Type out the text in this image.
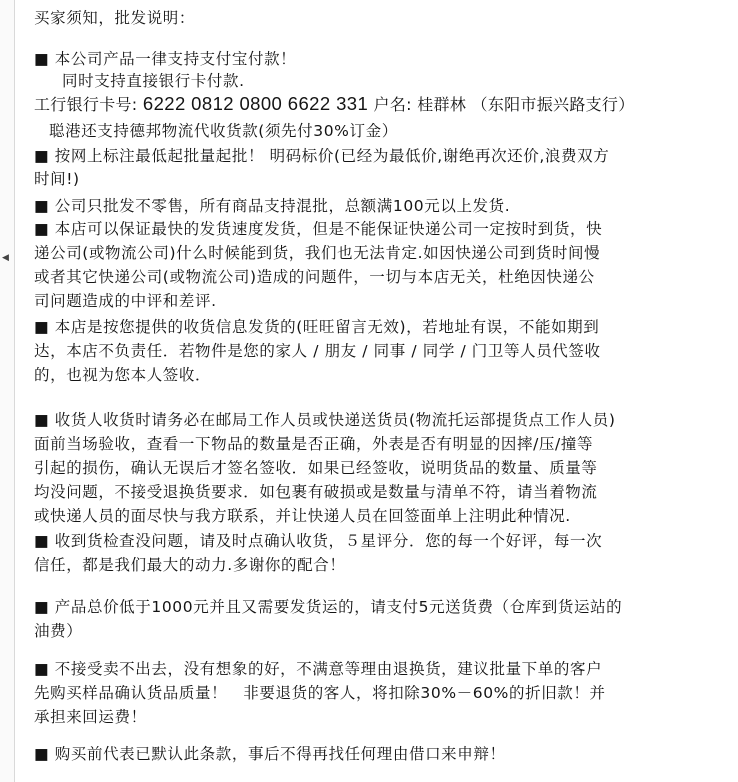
◀
买家须知，批发说明：
■ 本公司产品一律支持支付宝付款！
同时支持直接银行卡付款.
工行银行卡号: 6222 0812 0800 6622 331 户名: 桂群林 （东阳市振兴路支行）
聪港还支持德邦物流代收货款(须先付30%订金）
■ 按网上标注最低起批量起批！ 明码标价(已经为最低价,谢绝再次还价,浪费双方
时间!)
■ 公司只批发不零售，所有商品支持混批，总额满100元以上发货.
■ 本店可以保证最快的发货速度发货，但是不能保证快递公司一定按时到货，快
递公司(或物流公司)什么时候能到货，我们也无法肯定.如因快递公司到货时间慢
或者其它快递公司(或物流公司)造成的问题件，一切与本店无关，杜绝因快递公
司问题造成的中评和差评.
■ 本店是按您提供的收货信息发货的(旺旺留言无效)，若地址有误，不能如期到
达，本店不负责任．若物件是您的家人 / 朋友 / 同事 / 同学 / 门卫等人员代签收
的，也视为您本人签收．
■ 收货人收货时请务必在邮局工作人员或快递送货员(物流托运部提货点工作人员)
面前当场验收，查看一下物品的数量是否正确，外表是否有明显的因摔/压/撞等
引起的损伤，确认无误后才签名签收．如果已经签收，说明货品的数量、质量等
均没问题，不接受退换货要求．如包裹有破损或是数量与清单不符，请当着物流
或快递人员的面尽快与我方联系，并让快递人员在回签面单上注明此种情况.
■ 收到货检查没问题，请及时点确认收货，５星评分．您的每一个好评，每一次
信任，都是我们最大的动力.多谢你的配合！
■ 产品总价低于1000元并且又需要发货运的，请支付5元送货费（仓库到货运站的
油费）
■ 不接受卖不出去，没有想象的好，不满意等理由退换货，建议批量下单的客户
先购买样品确认货品质量！　非要退货的客人，将扣除30%－60%的折旧款！并
承担来回运费！
■ 购买前代表已默认此条款，事后不得再找任何理由借口来申辩！
